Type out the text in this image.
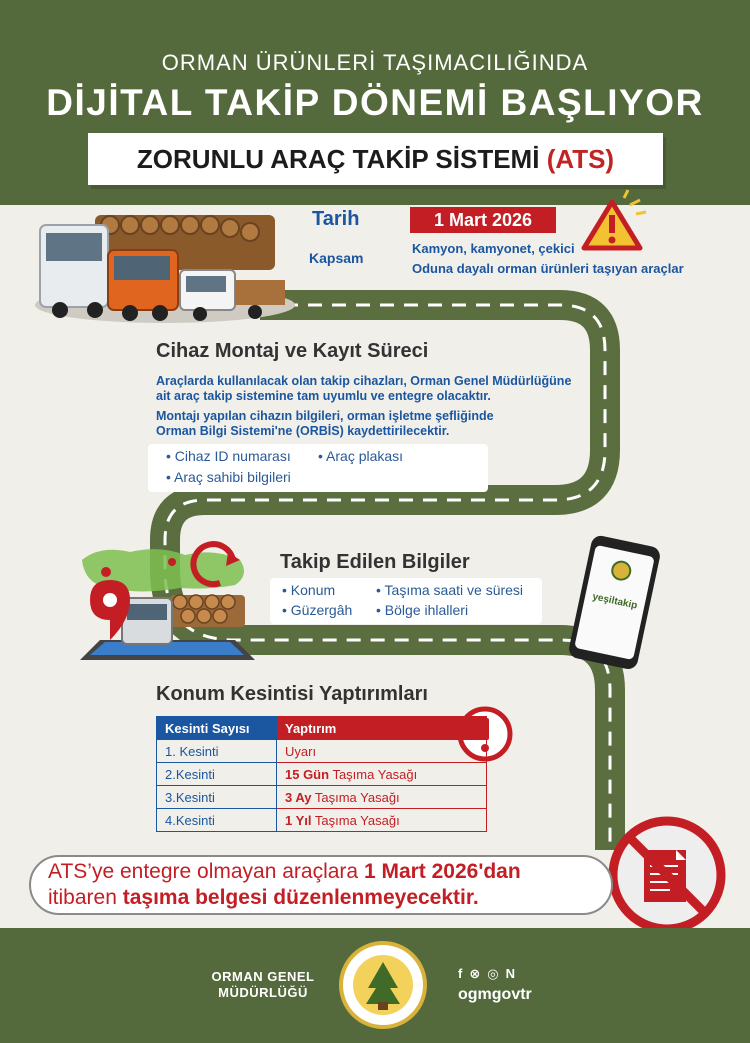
ORMAN ÜRÜNLERİ TAŞIMACILIĞINDA
DİJİTAL TAKİP DÖNEMİ BAŞLIYOR
ZORUNLU ARAÇ TAKİP SİSTEMİ (ATS)
yeşiltakip
Tarih	1 Mart 2026
Kapsam
Kamyon, kamyonet, çekici
Oduna dayalı orman ürünleri taşıyan araçlar
Cihaz Montaj ve Kayıt Süreci
Araçlarda kullanılacak olan takip cihazları, Orman Genel Müdürlüğüne
ait araç takip sistemine tam uyumlu ve entegre olacaktır.
Montajı yapılan cihazın bilgileri, orman işletme şefliğinde
Orman Bilgi Sistemi'ne (ORBİS) kaydettirilecektir.
• Cihaz ID numarası	• Araç plakası
• Araç sahibi bilgileri
Takip Edilen Bilgiler
• Konum	• Taşıma saati ve süresi
• Güzergâh	• Bölge ihlalleri
Konum Kesintisi Yaptırımları
Kesinti Sayısı	Yaptırım
1. Kesinti	Uyarı
2.Kesinti	15 Gün Taşıma Yasağı
3.Kesinti	3 Ay Taşıma Yasağı
4.Kesinti	1 Yıl Taşıma Yasağı
ATS’ye entegre olmayan araçlara 1 Mart 2026'dan
itibaren taşıma belgesi düzenlenmeyecektir.
ORMAN GENEL
MÜDÜRLÜĞÜ
f⊗◎N
ogmgovtr
